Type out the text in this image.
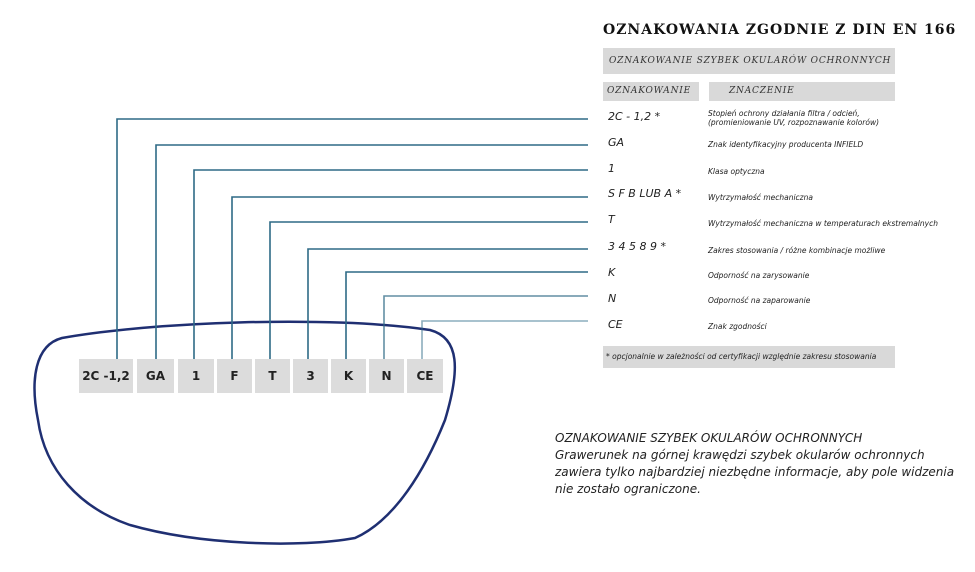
OZNAKOWANIA ZGODNIE Z DIN EN 166
OZNAKOWANIE SZYBEK OKULARÓW OCHRONNYCH
OZNAKOWANIE	ZNACZENIE
2C - 1,2 *	Stopień ochrony działania filtra / odcień,
(promieniowanie UV, rozpoznawanie kolorów)
GA	Znak identyfikacyjny producenta INFIELD
1	Klasa optyczna
S F B LUB A *	Wytrzymałość mechaniczna
T	Wytrzymałość mechaniczna w temperaturach ekstremalnych
3 4 5 8 9 *	Zakres stosowania / różne kombinacje możliwe
K	Odporność na zarysowanie
N	Odporność na zaparowanie
CE	Znak zgodności
* opcjonalnie w zależności od certyfikacji względnie zakresu stosowania
2C -1,2	GA	1	F	T	3	K	N	CE
OZNAKOWANIE SZYBEK OKULARÓW OCHRONNYCH
Grawerunek na górnej krawędzi szybek okularów ochronnych zawiera tylko najbardziej niezbędne informacje, aby pole widzenia nie zostało ograniczone.
